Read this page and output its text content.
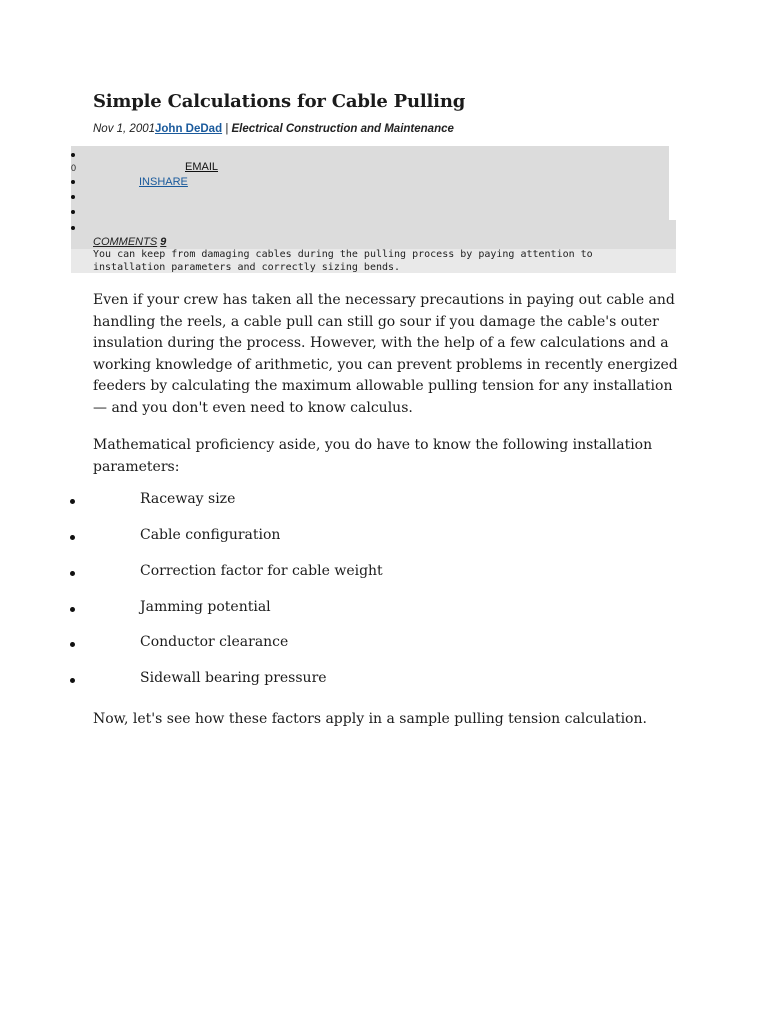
Simple Calculations for Cable Pulling
Nov 1, 2001John DeDad | Electrical Construction and Maintenance
0	EMAIL
INSHARE
COMMENTS 9

You can keep from damaging cables during the pulling process by paying attention to installation parameters and correctly sizing bends.

Even if your crew has taken all the necessary precautions in paying out cable and handling the reels, a cable pull can still go sour if you damage the cable's outer insulation during the process. However, with the help of a few calculations and a working knowledge of arithmetic, you can prevent problems in recently energized feeders by calculating the maximum allowable pulling tension for any installation — and you don't even need to know calculus.

Mathematical proficiency aside, you do have to know the following installation parameters:

Raceway size
Cable configuration
Correction factor for cable weight
Jamming potential
Conductor clearance
Sidewall bearing pressure

Now, let's see how these factors apply in a sample pulling tension calculation.
